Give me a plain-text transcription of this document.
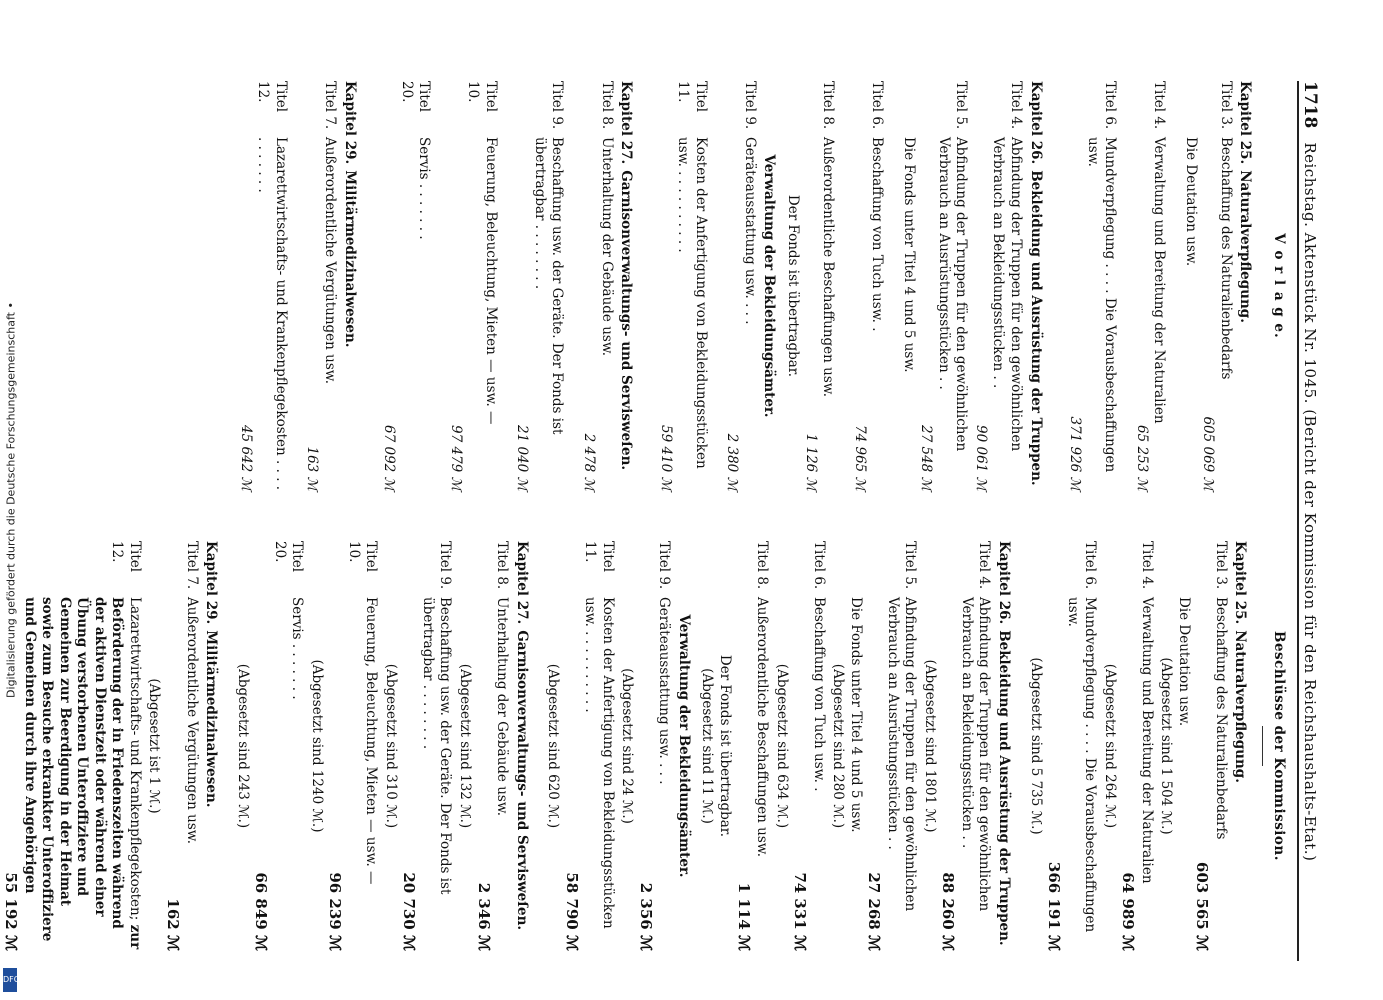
Digitalisierung gefördert durch die Deutsche Forschungsgemeinschaft •
DFG
1718
Reichstag. Aktenstück Nr. 1045. (Bericht der Kommission für den Reichshaushalts-Etat.)
V o r l a g e.
Kapitel 25.Naturalverpflegung.
Titel 3.
Beschaffung des Naturalienbedarfs
605 069 ℳ
Die Deutation usw.
Titel 4.
Verwaltung und Bereitung der Naturalien
65 253 ℳ
Titel 6.
Mundverpflegung . . . . Die Vorausbeschaffungen usw.
371 926 ℳ
Kapitel 26.Bekleidung und Ausrüstung der Truppen.
Titel 4.
Abfindung der Truppen für den gewöhnlichen Verbrauch an Bekleidungsstücken . .
90 061 ℳ
Titel 5.
Abfindung der Truppen für den gewöhnlichen Verbrauch an Ausrüstungsstücken . .
27 548 ℳ
Die Fonds unter Titel 4 und 5 usw.
Titel 6.
Beschaffung von Tuch usw. .
74 965 ℳ
Titel 8.
Außerordentliche Beschaffungen usw.
1 126 ℳ
Der Fonds ist übertragbar.
Verwaltung der Bekleidungsämter.
Titel 9.
Geräteausstattung usw. . . .
2 380 ℳ
Titel 11.
Kosten der Anfertigung von Bekleidungsstücken usw. . . . . . . . . . .
59 410 ℳ
Kapitel 27.Garnisonverwaltungs- und Servisweſen.
Titel 8.
Unterhaltung der Gebäude usw.
2 478 ℳ
Titel 9.
Beschaffung usw. der Geräte. Der Fonds ist übertragbar . . . . . . . .
21 040 ℳ
Titel 10.
Feuerung, Beleuchtung, Mieten — usw. —
97 479 ℳ
Titel 20.
Servis . . . . . . .
67 092 ℳ
Kapitel 29.Militärmedizinalwesen.
Titel 7.
Außerordentliche Vergütungen usw.
163 ℳ
Titel 12.
Lazarettwirtschafts- und Krankenpflegekosten . . . . . . . . . . .
45 642 ℳ
Beschlüsse der Kommission.
Kapitel 25.Naturalverpflegung.
Titel 3.
Beschaffung des Naturalienbedarfs
603 565 ℳ
Die Deutation usw.
(Abgesetzt sind 1 504 ℳ.)
Titel 4.
Verwaltung und Bereitung der Naturalien
64 989 ℳ
(Abgesetzt sind 264 ℳ.)
Titel 6.
Mundverpflegung . . . . Die Vorausbeschaffungen usw.
366 191 ℳ
(Abgesetzt sind 5 735 ℳ.)
Kapitel 26.Bekleidung und Ausrüstung der Truppen.
Titel 4.
Abfindung der Truppen für den gewöhnlichen Verbrauch an Bekleidungsstücken . .
88 260 ℳ
(Abgesetzt sind 1801 ℳ.)
Titel 5.
Abfindung der Truppen für den gewöhnlichen Verbrauch an Ausrüstungsstücken . .
27 268 ℳ
Die Fonds unter Titel 4 und 5 usw.
(Abgesetzt sind 280 ℳ.)
Titel 6.
Beschaffung von Tuch usw. .
74 331 ℳ
(Abgesetzt sind 634 ℳ.)
Titel 8.
Außerordentliche Beschaffungen usw.
1 114 ℳ
Der Fonds ist übertragbar.
(Abgesetzt sind 11 ℳ.)
Verwaltung der Bekleidungsämter.
Titel 9.
Geräteausstattung usw. . . .
2 356 ℳ
(Abgesetzt sind 24 ℳ.)
Titel 11.
Kosten der Anfertigung von Bekleidungsstücken usw. . . . . . . . . . .
58 790 ℳ
(Abgesetzt sind 620 ℳ.)
Kapitel 27.Garnisonverwaltungs- und Servisweſen.
Titel 8.
Unterhaltung der Gebäude usw.
2 346 ℳ
(Abgesetzt sind 132 ℳ.)
Titel 9.
Beschaffung usw. der Geräte. Der Fonds ist übertragbar . . . . . . . .
20 730 ℳ
(Abgesetzt sind 310 ℳ.)
Titel 10.
Feuerung, Beleuchtung, Mieten — usw. —
96 239 ℳ
(Abgesetzt sind 1240 ℳ.)
Titel 20.
Servis . . . . . . .
66 849 ℳ
(Abgesetzt sind 243 ℳ.)
Kapitel 29.Militärmedizinalwesen.
Titel 7.
Außerordentliche Vergütungen usw.
162 ℳ
(Abgesetzt ist 1 ℳ.)
Titel 12.
Lazarettwirtschafts- und Krankenpflegekosten; zur Beförderung der in Friedenszeiten während der aktiven Dienstzeit oder während einer Übung verstorbenen Unteroffiziere und Gemeinen zur Beerdigung in der Heimat sowie zum Besuche erkrankter Unteroffiziere und Gemeinen durch ihre Angehörigen
55 192 ℳ
